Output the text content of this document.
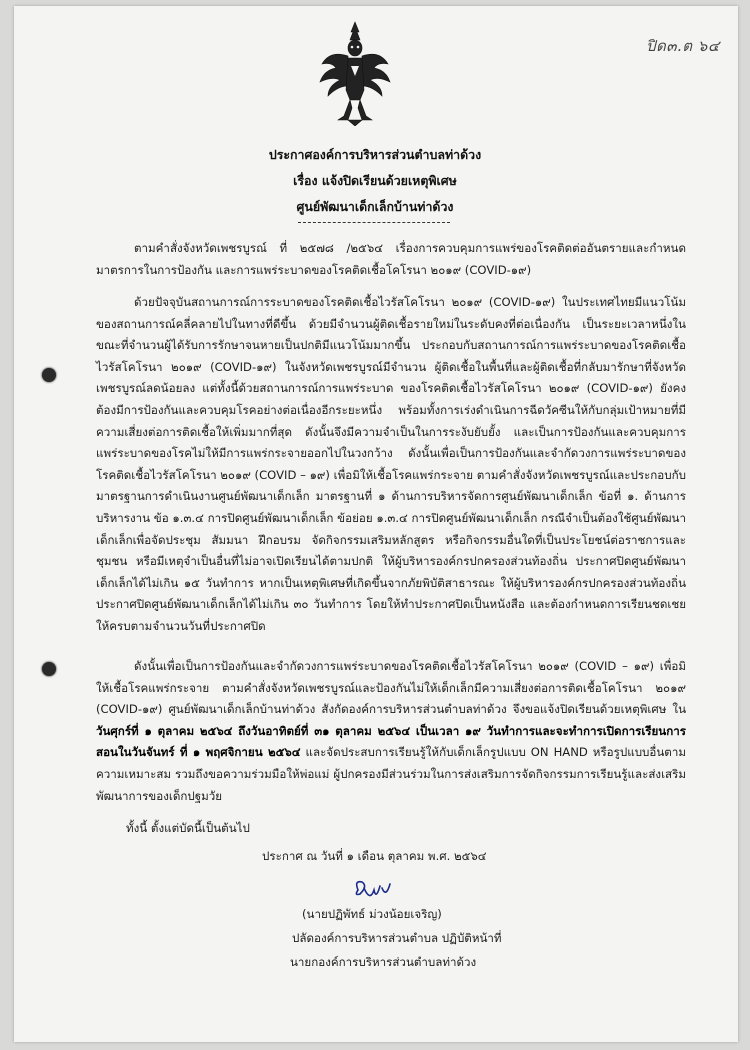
ปิด๓.ต ๖๔
ประกาศองค์การบริหารส่วนตำบลท่าด้วง
เรื่อง แจ้งปิดเรียนด้วยเหตุพิเศษ
ศูนย์พัฒนาเด็กเล็กบ้านท่าด้วง

ตามคำสั่งจังหวัดเพชรบูรณ์ ที่ ๒๕๗๘ /๒๕๖๔ เรื่องการควบคุมการแพร่ของโรคติดต่ออันตรายและกำหนดมาตรการในการป้องกัน และการแพร่ระบาดของโรคติดเชื้อโคโรนา ๒๐๑๙ (COVID-๑๙)

ด้วยปัจจุบันสถานการณ์การระบาดของโรคติดเชื้อไวรัสโคโรนา ๒๐๑๙ (COVID-๑๙) ในประเทศไทยมีแนวโน้มของสถานการณ์คลี่คลายไปในทางที่ดีขึ้น ด้วยมีจำนวนผู้ติดเชื้อรายใหม่ในระดับคงที่ต่อเนื่องกัน เป็นระยะเวลาหนึ่งในขณะที่จำนวนผู้ได้รับการรักษาจนหายเป็นปกติมีแนวโน้มมากขึ้น ประกอบกับสถานการณ์การแพร่ระบาดของโรคติดเชื้อไวรัสโคโรนา ๒๐๑๙ (COVID-๑๙) ในจังหวัดเพชรบูรณ์มีจำนวน ผู้ติดเชื้อในพื้นที่และผู้ติดเชื้อที่กลับมารักษาที่จังหวัดเพชรบูรณ์ลดน้อยลง แต่ทั้งนี้ด้วยสถานการณ์การแพร่ระบาด ของโรคติดเชื้อไวรัสโคโรนา ๒๐๑๙ (COVID-๑๙) ยังคงต้องมีการป้องกันและควบคุมโรคอย่างต่อเนื่องอีกระยะหนึ่ง พร้อมทั้งการเร่งดำเนินการฉีดวัคซีนให้กับกลุ่มเป้าหมายที่มีความเสี่ยงต่อการติดเชื้อให้เพิ่มมากที่สุด ดังนั้นจึงมีความจำเป็นในการระงับยับยั้ง และเป็นการป้องกันและควบคุมการแพร่ระบาดของโรคไม่ให้มีการแพร่กระจายออกไปในวงกว้าง ดังนั้นเพื่อเป็นการป้องกันและจำกัดวงการแพร่ระบาดของโรคติดเชื้อไวรัสโคโรนา ๒๐๑๙ (COVID – ๑๙) เพื่อมิให้เชื้อโรคแพร่กระจาย ตามคำสั่งจังหวัดเพชรบูรณ์และประกอบกับมาตรฐานการดำเนินงานศูนย์พัฒนาเด็กเล็ก มาตรฐานที่ ๑ ด้านการบริหารจัดการศูนย์พัฒนาเด็กเล็ก ข้อที่ ๑. ด้านการบริหารงาน ข้อ ๑.๓.๔ การปิดศูนย์พัฒนาเด็กเล็ก ข้อย่อย ๑.๓.๔ การปิดศูนย์พัฒนาเด็กเล็ก กรณีจำเป็นต้องใช้ศูนย์พัฒนาเด็กเล็กเพื่อจัดประชุม สัมมนา ฝึกอบรม จัดกิจกรรมเสริมหลักสูตร หรือกิจกรรมอื่นใดที่เป็นประโยชน์ต่อราชการและชุมชน หรือมีเหตุจำเป็นอื่นที่ไม่อาจเปิดเรียนได้ตามปกติ ให้ผู้บริหารองค์กรปกครองส่วนท้องถิ่น ประกาศปิดศูนย์พัฒนาเด็กเล็กได้ไม่เกิน ๑๕ วันทำการ หากเป็นเหตุพิเศษที่เกิดขึ้นจากภัยพิบัติสาธารณะ ให้ผู้บริหารองค์กรปกครองส่วนท้องถิ่นประกาศปิดศูนย์พัฒนาเด็กเล็กได้ไม่เกิน ๓๐ วันทำการ โดยให้ทำประกาศปิดเป็นหนังสือ และต้องกำหนดการเรียนชดเชยให้ครบตามจำนวนวันที่ประกาศปิด

ดังนั้นเพื่อเป็นการป้องกันและจำกัดวงการแพร่ระบาดของโรคติดเชื้อไวรัสโคโรนา ๒๐๑๙ (COVID – ๑๙) เพื่อมิให้เชื้อโรคแพร่กระจาย ตามคำสั่งจังหวัดเพชรบูรณ์และป้องกันไม่ให้เด็กเล็กมีความเสี่ยงต่อการติดเชื้อโคโรนา ๒๐๑๙ (COVID-๑๙) ศูนย์พัฒนาเด็กเล็กบ้านท่าด้วง สังกัดองค์การบริหารส่วนตำบลท่าด้วง จึงขอแจ้งปิดเรียนด้วยเหตุพิเศษ ใน วันศุกร์ที่ ๑ ตุลาคม ๒๕๖๔ ถึงวันอาทิตย์ที่ ๓๑ ตุลาคม ๒๕๖๔ เป็นเวลา ๑๙ วันทำการและจะทำการเปิดการเรียนการสอนในวันจันทร์ ที่ ๑ พฤศจิกายน ๒๕๖๔ และจัดประสบการเรียนรู้ให้กับเด็กเล็กรูปแบบ ON HAND หรือรูปแบบอื่นตามความเหมาะสม รวมถึงขอความร่วมมือให้พ่อแม่ ผู้ปกครองมีส่วนร่วมในการส่งเสริมการจัดกิจกรรมการเรียนรู้และส่งเสริมพัฒนาการของเด็กปฐมวัย

ทั้งนี้ ตั้งแต่บัดนี้เป็นต้นไป

ประกาศ ณ วันที่ ๑ เดือน ตุลาคม พ.ศ. ๒๕๖๔
(นายปฏิพัทธ์ ม่วงน้อยเจริญ)
ปลัดองค์การบริหารส่วนตำบล ปฏิบัติหน้าที่
นายกองค์การบริหารส่วนตำบลท่าด้วง
